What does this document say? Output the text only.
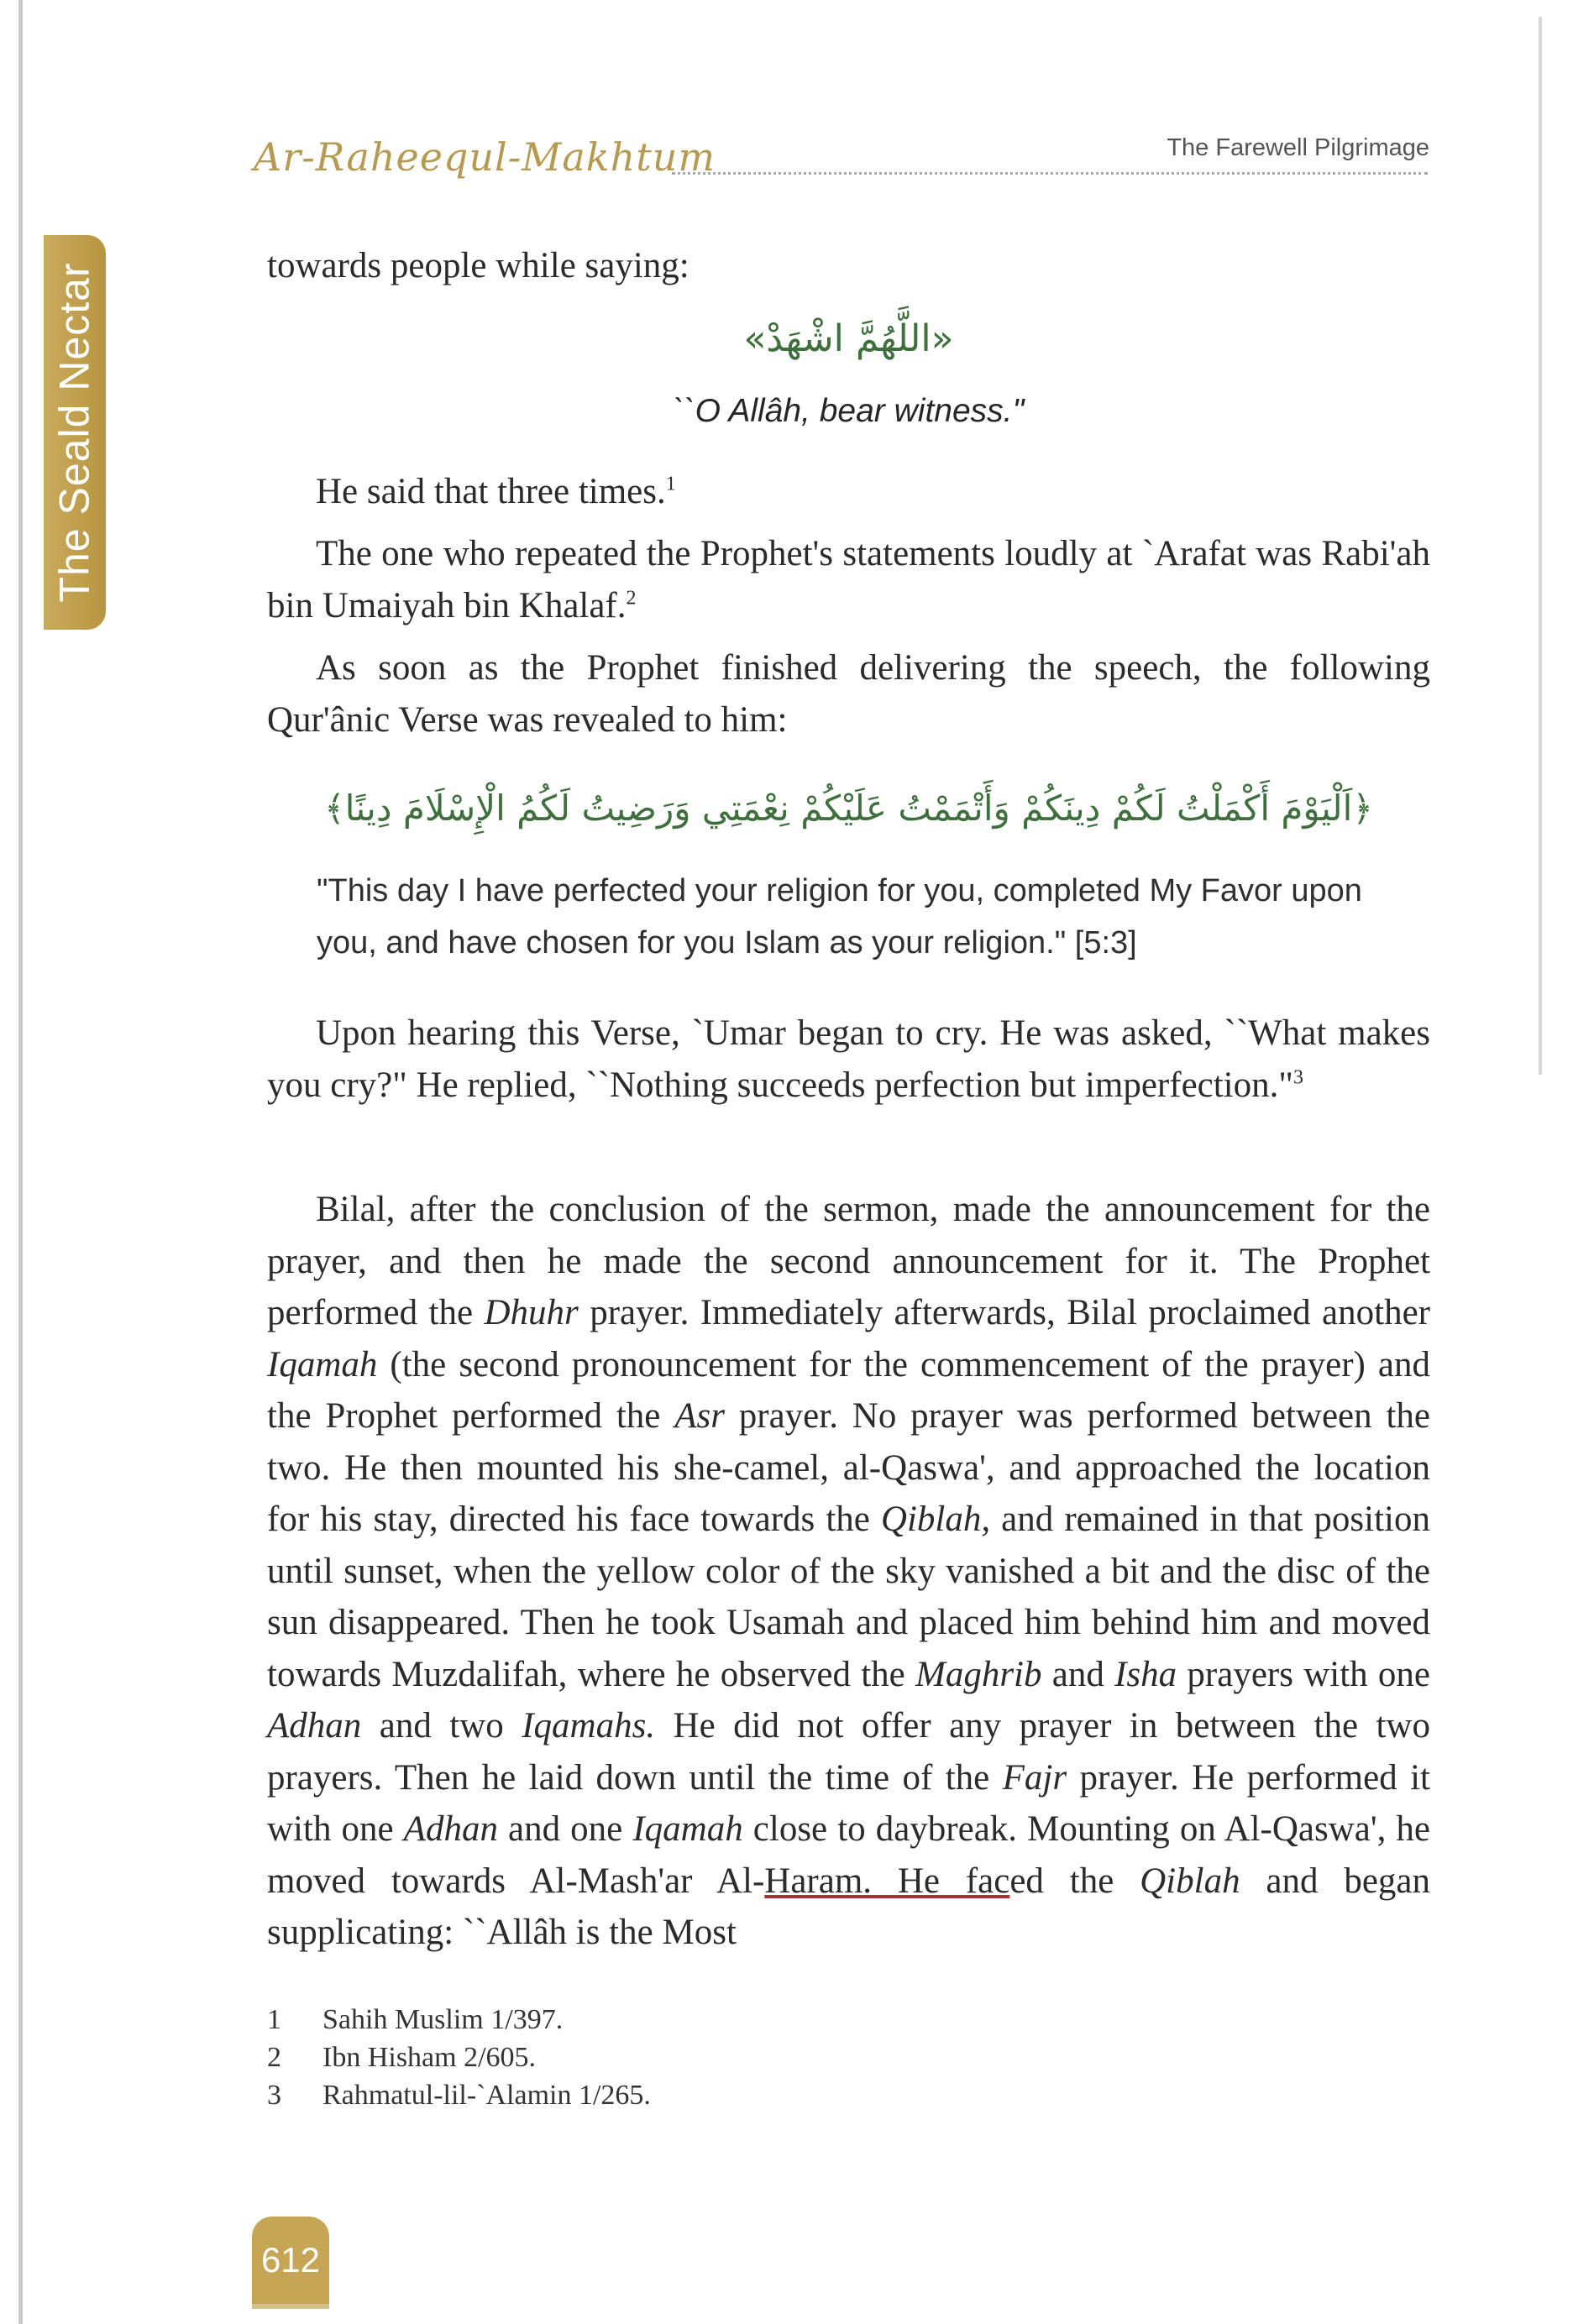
The Seald Nectar
Ar-Raheequl-Makhtum	The Farewell Pilgrimage
towards people while saying:
«اللَّهُمَّ اشْهَدْ»
``O Allâh, bear witness."
He said that three times.$^1$
The one who repeated the Prophet's statements loudly at `Arafat was Rabi'ah bin Umaiyah bin Khalaf.$^2$
As soon as the Prophet finished delivering the speech, the following Qur'ânic Verse was revealed to him:
﴿اَلْيَوْمَ أَكْمَلْتُ لَكُمْ دِينَكُمْ وَأَتْمَمْتُ عَلَيْكُمْ نِعْمَتِي وَرَضِيتُ لَكُمُ الْإِسْلَامَ دِينًا﴾
"This day I have perfected your religion for you, completed My Favor upon you, and have chosen for you Islam as your religion." [5:3]
Upon hearing this Verse, `Umar began to cry. He was asked, ``What makes you cry?" He replied, ``Nothing succeeds perfection but imperfection."$^3$
Bilal, after the conclusion of the sermon, made the announcement for the prayer, and then he made the second announcement for it. The Prophet performed the Dhuhr prayer. Immediately afterwards, Bilal proclaimed another Iqamah (the second pronouncement for the commencement of the prayer) and the Prophet performed the Asr prayer. No prayer was performed between the two. He then mounted his she-camel, al-Qaswa', and approached the location for his stay, directed his face towards the Qiblah, and remained in that position until sunset, when the yellow color of the sky vanished a bit and the disc of the sun disappeared. Then he took Usamah and placed him behind him and moved towards Muzdalifah, where he observed the Maghrib and Isha prayers with one Adhan and two Iqamahs. He did not offer any prayer in between the two prayers. Then he laid down until the time of the Fajr prayer. He performed it with one Adhan and one Iqamah close to daybreak. Mounting on Al-Qaswa', he moved towards Al-Mash'ar Al-Haram. He faced the Qiblah and began supplicating: ``Allâh is the Most
1	Sahih Muslim 1/397.
2	Ibn Hisham 2/605.
3	Rahmatul-lil-`Alamin 1/265.
612
